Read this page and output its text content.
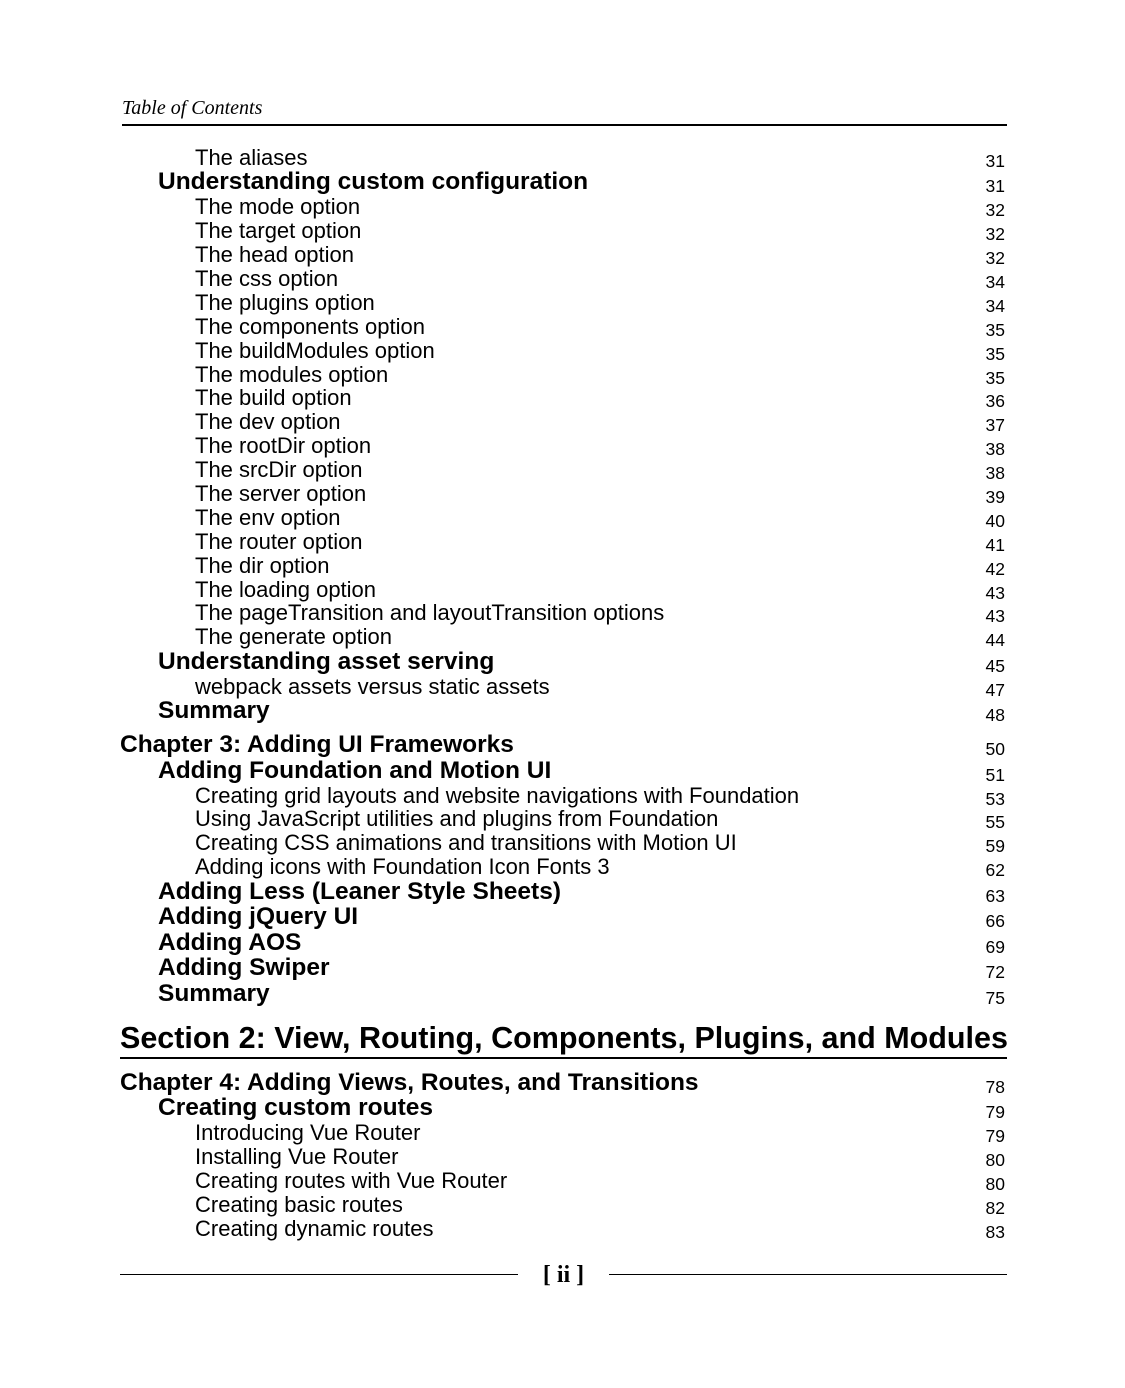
Table of Contents
The aliases	31
Understanding custom configuration	31
The mode option	32
The target option	32
The head option	32
The css option	34
The plugins option	34
The components option	35
The buildModules option	35
The modules option	35
The build option	36
The dev option	37
The rootDir option	38
The srcDir option	38
The server option	39
The env option	40
The router option	41
The dir option	42
The loading option	43
The pageTransition and layoutTransition options	43
The generate option	44
Understanding asset serving	45
webpack assets versus static assets	47
Summary	48
Chapter 3: Adding UI Frameworks	50
Adding Foundation and Motion UI	51
Creating grid layouts and website navigations with Foundation	53
Using JavaScript utilities and plugins from Foundation	55
Creating CSS animations and transitions with Motion UI	59
Adding icons with Foundation Icon Fonts 3	62
Adding Less (Leaner Style Sheets)	63
Adding jQuery UI	66
Adding AOS	69
Adding Swiper	72
Summary	75
Section 2: View, Routing, Components, Plugins, and Modules
Chapter 4: Adding Views, Routes, and Transitions	78
Creating custom routes	79
Introducing Vue Router	79
Installing Vue Router	80
Creating routes with Vue Router	80
Creating basic routes	82
Creating dynamic routes	83
[ ii ]
